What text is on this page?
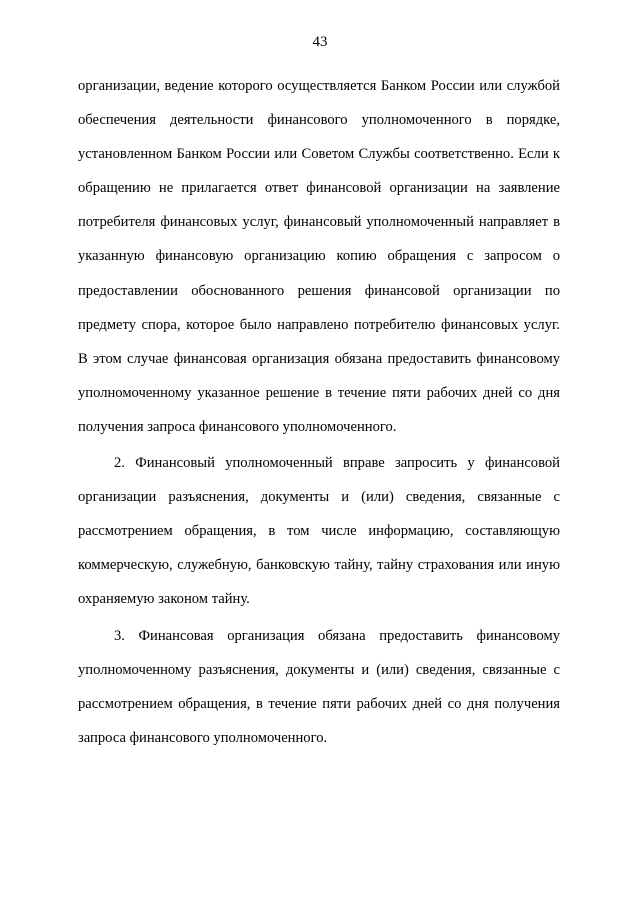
43

организации, ведение которого осуществляется Банком России или службой обеспечения деятельности финансового уполномоченного в порядке, установленном Банком России или Советом Службы соответственно. Если к обращению не прилагается ответ финансовой организации на заявление потребителя финансовых услуг, финансовый уполномоченный направляет в указанную финансовую организацию копию обращения с запросом о предоставлении обоснованного решения финансовой организации по предмету спора, которое было направлено потребителю финансовых услуг. В этом случае финансовая организация обязана предоставить финансовому уполномоченному указанное решение в течение пяти рабочих дней со дня получения запроса финансового уполномоченного.

2. Финансовый уполномоченный вправе запросить у финансовой организации разъяснения, документы и (или) сведения, связанные с рассмотрением обращения, в том числе информацию, составляющую коммерческую, служебную, банковскую тайну, тайну страхования или иную охраняемую законом тайну.

3. Финансовая организация обязана предоставить финансовому уполномоченному разъяснения, документы и (или) сведения, связанные с рассмотрением обращения, в течение пяти рабочих дней со дня получения запроса финансового уполномоченного.
